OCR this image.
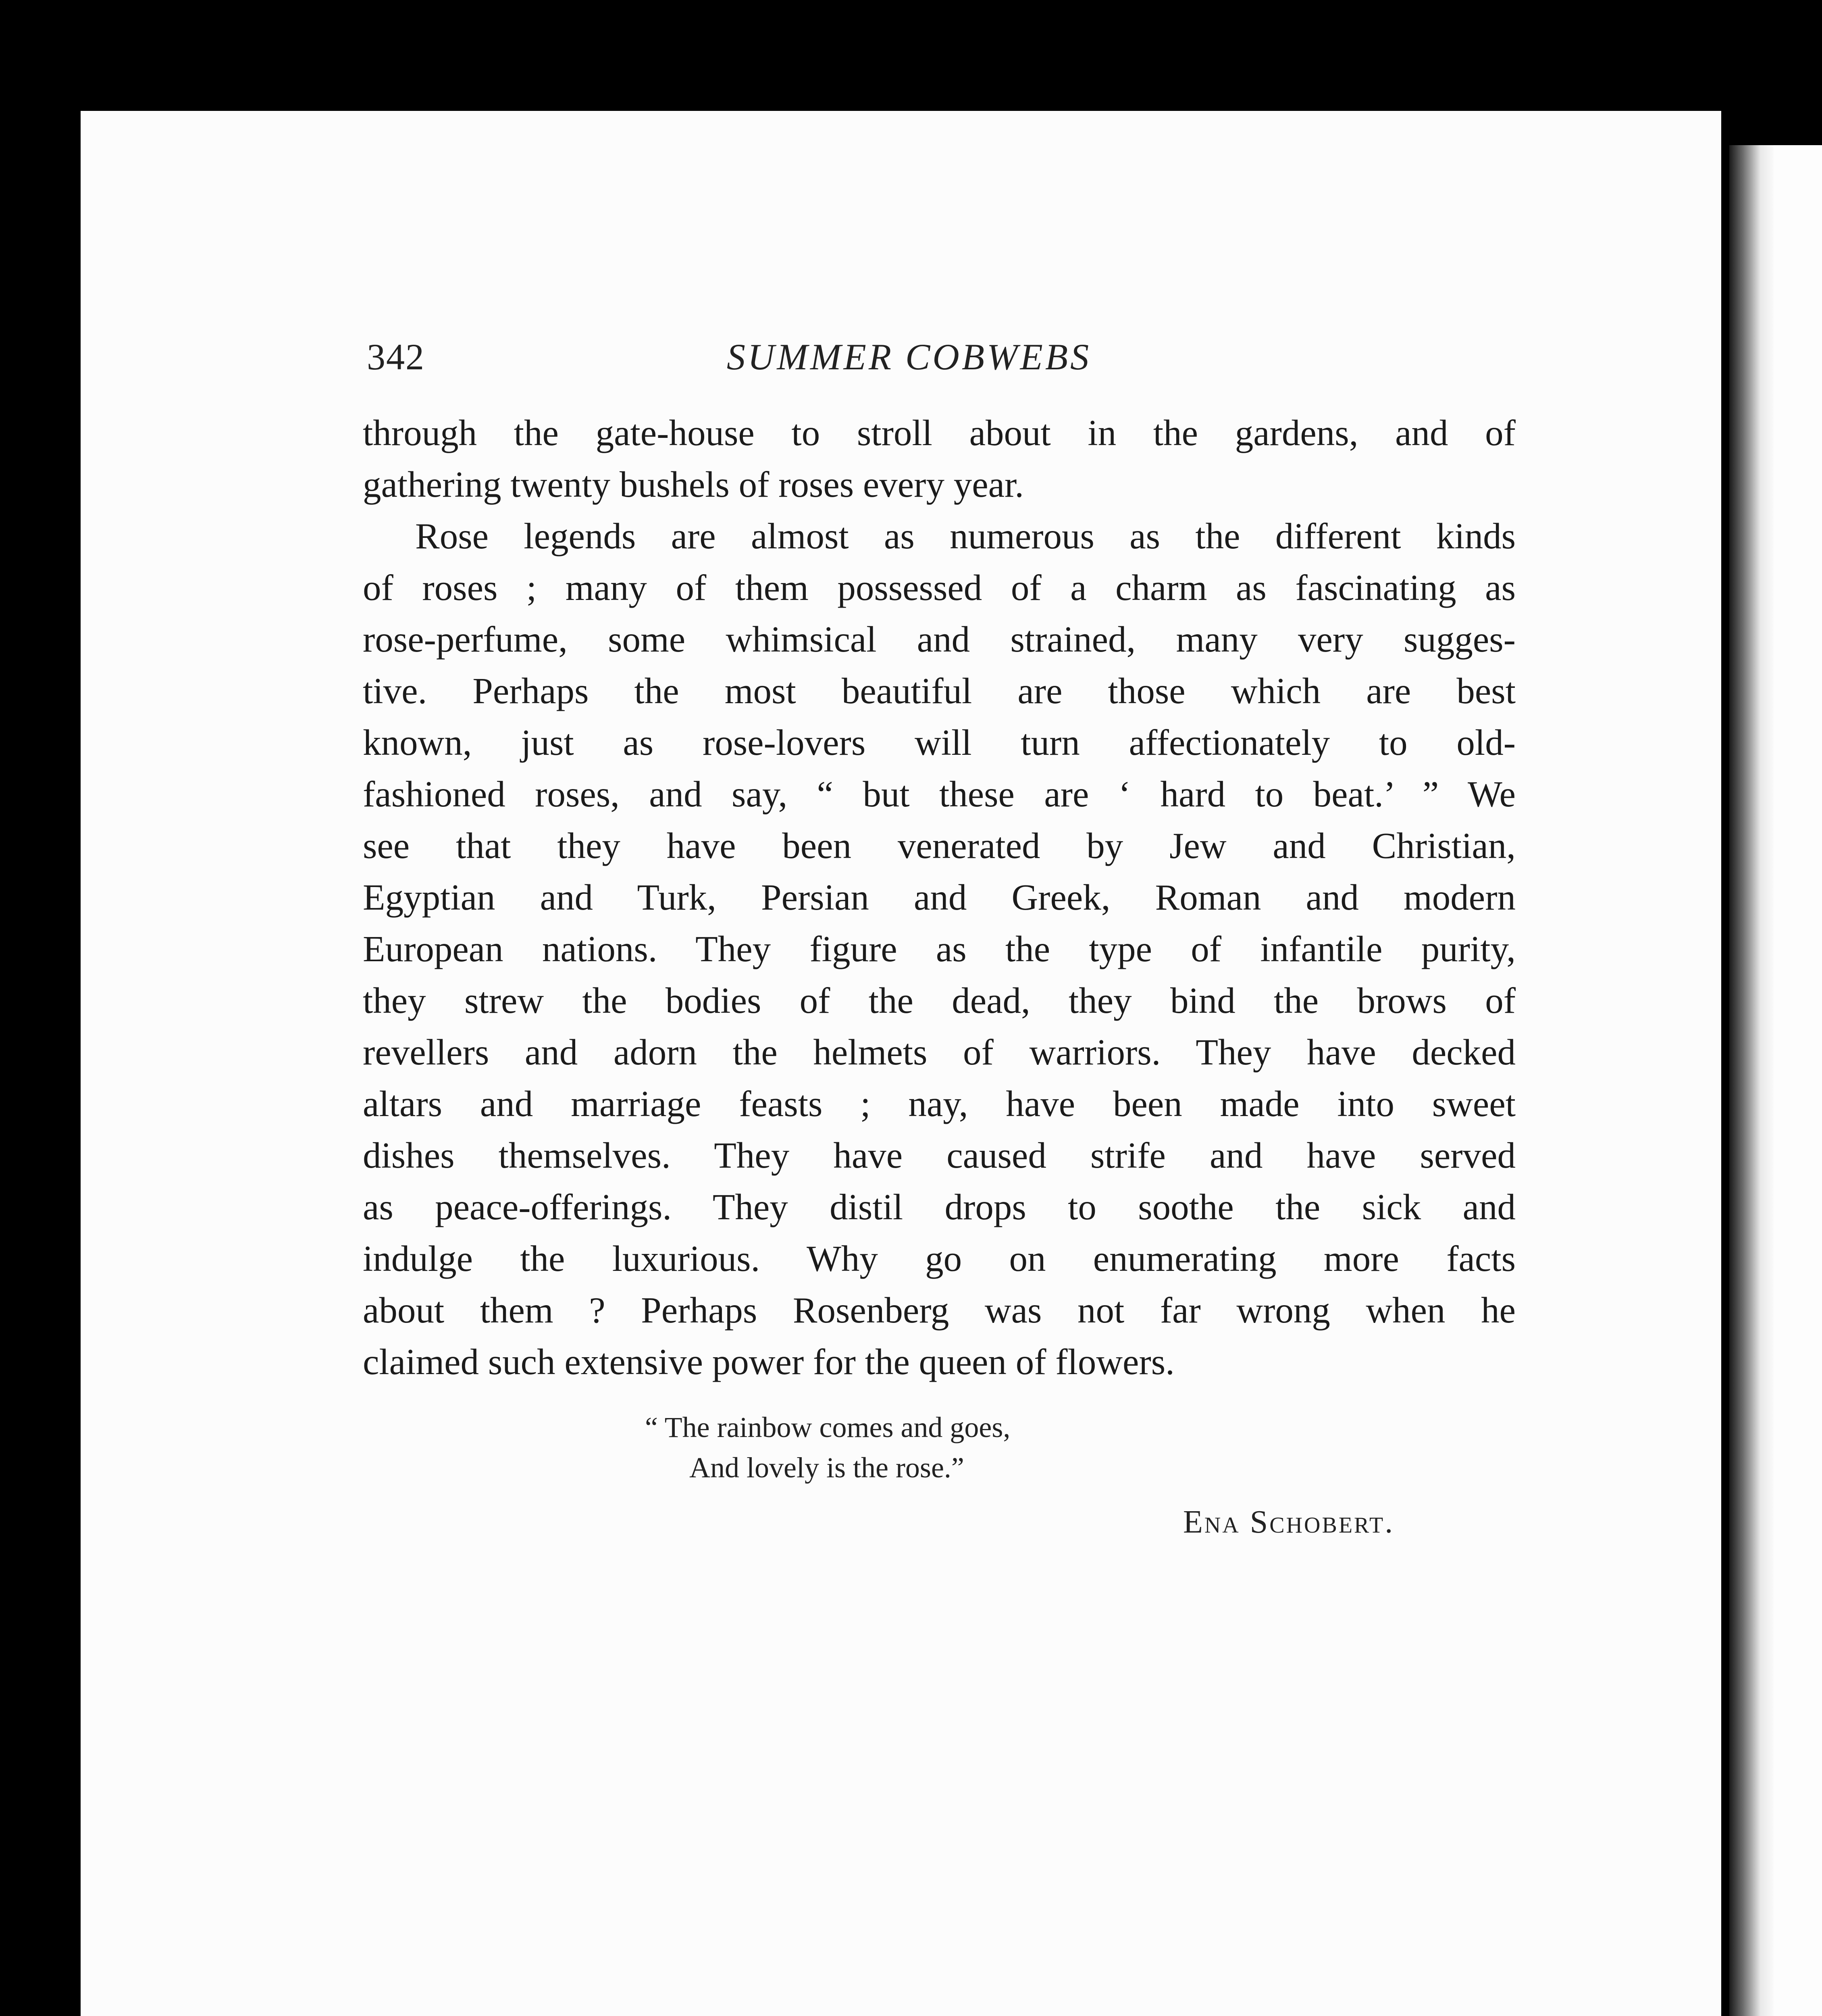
342	SUMMER COBWEBS
through the gate-house to stroll about in the gardens, and of
gathering twenty bushels of roses every year.
Rose legends are almost as numerous as the different kinds
of roses ; many of them possessed of a charm as fascinating as
rose-perfume, some whimsical and strained, many very sugges-
tive. Perhaps the most beautiful are those which are best
known, just as rose-lovers will turn affectionately to old-
fashioned roses, and say, “ but these are ‘ hard to beat.’ ” We
see that they have been venerated by Jew and Christian,
Egyptian and Turk, Persian and Greek, Roman and modern
European nations. They figure as the type of infantile purity,
they strew the bodies of the dead, they bind the brows of
revellers and adorn the helmets of warriors. They have decked
altars and marriage feasts ; nay, have been made into sweet
dishes themselves. They have caused strife and have served
as peace-offerings. They distil drops to soothe the sick and
indulge the luxurious. Why go on enumerating more facts
about them ? Perhaps Rosenberg was not far wrong when he
claimed such extensive power for the queen of flowers.
“ The rainbow comes and goes,
And lovely is the rose.”
Ena Schobert.
